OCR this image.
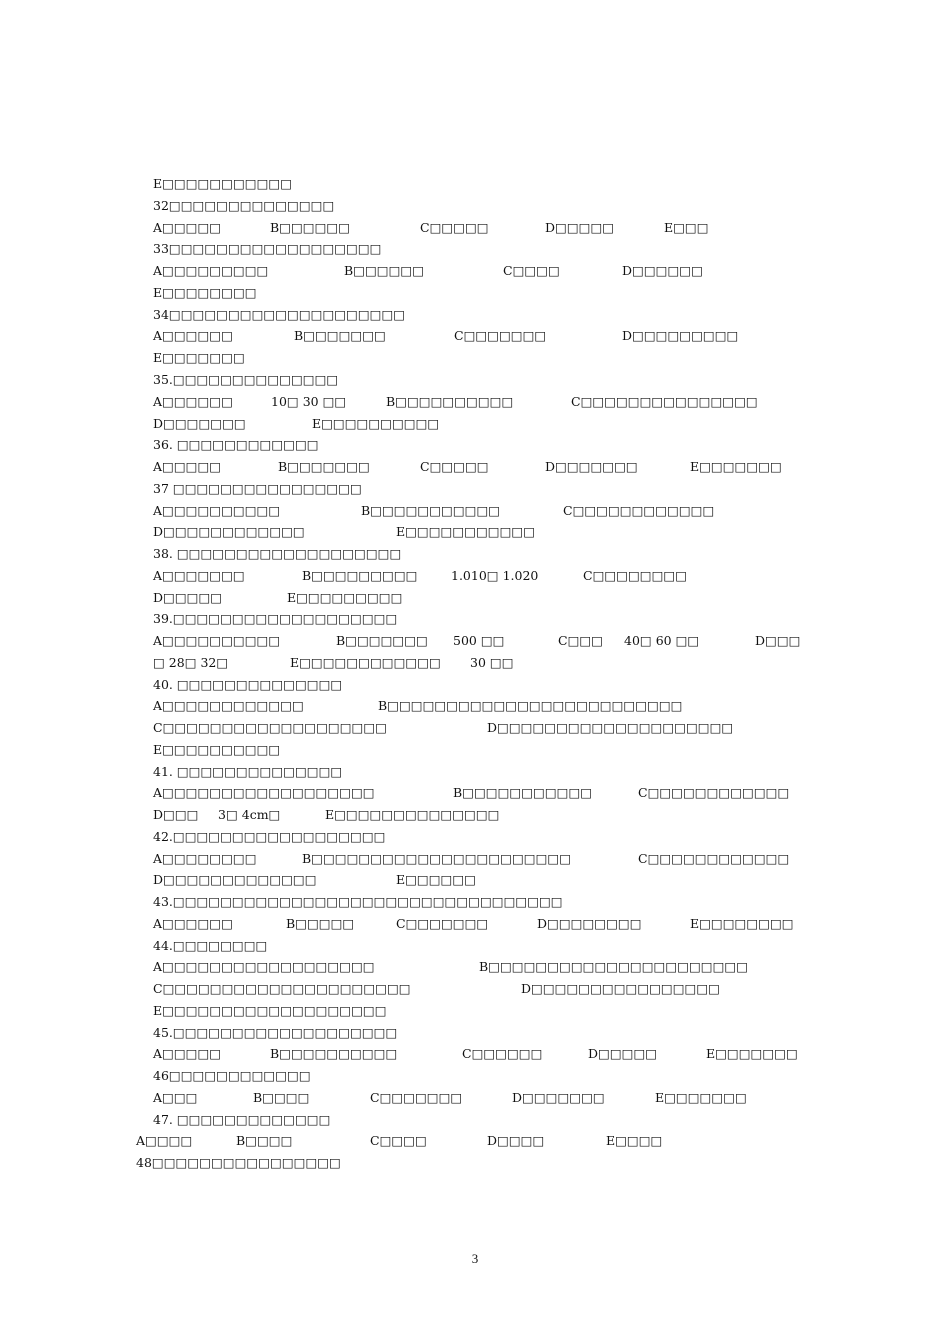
E□□□□□□□□□□□
32□□□□□□□□□□□□□□
A□□□□□	B□□□□□□	C□□□□□	D□□□□□	E□□□
33□□□□□□□□□□□□□□□□□□
A□□□□□□□□□	B□□□□□□	C□□□□	D□□□□□□
E□□□□□□□□
34□□□□□□□□□□□□□□□□□□□□
A□□□□□□	B□□□□□□□	C□□□□□□□	D□□□□□□□□□
E□□□□□□□
35.□□□□□□□□□□□□□□
A□□□□□□	10□ 30 □□	B□□□□□□□□□□	C□□□□□□□□□□□□□□□
D□□□□□□□	E□□□□□□□□□□
36. □□□□□□□□□□□□
A□□□□□	B□□□□□□□	C□□□□□	D□□□□□□□	E□□□□□□□
37 □□□□□□□□□□□□□□□□
A□□□□□□□□□□	B□□□□□□□□□□□	C□□□□□□□□□□□□
D□□□□□□□□□□□□	E□□□□□□□□□□□
38. □□□□□□□□□□□□□□□□□□□
A□□□□□□□	B□□□□□□□□□	1.010□ 1.020	C□□□□□□□□
D□□□□□	E□□□□□□□□□
39.□□□□□□□□□□□□□□□□□□□
A□□□□□□□□□□	B□□□□□□□ 500 □□	C□□□ 40□ 60 □□	D□□□
□ 28□ 32□	E□□□□□□□□□□□□ 30 □□
40. □□□□□□□□□□□□□□
A□□□□□□□□□□□□	B□□□□□□□□□□□□□□□□□□□□□□□□□
C□□□□□□□□□□□□□□□□□□□	D□□□□□□□□□□□□□□□□□□□□
E□□□□□□□□□□
41. □□□□□□□□□□□□□□
A□□□□□□□□□□□□□□□□□□	B□□□□□□□□□□□	C□□□□□□□□□□□□
D□□□ 3□ 4cm□	E□□□□□□□□□□□□□□
42.□□□□□□□□□□□□□□□□□□
A□□□□□□□□	B□□□□□□□□□□□□□□□□□□□□□□	C□□□□□□□□□□□□
D□□□□□□□□□□□□□	E□□□□□□
43.□□□□□□□□□□□□□□□□□□□□□□□□□□□□□□□□□
A□□□□□□	B□□□□□	C□□□□□□□	D□□□□□□□□	E□□□□□□□□
44.□□□□□□□□
A□□□□□□□□□□□□□□□□□□	B□□□□□□□□□□□□□□□□□□□□□□
C□□□□□□□□□□□□□□□□□□□□□	D□□□□□□□□□□□□□□□□
E□□□□□□□□□□□□□□□□□□□
45.□□□□□□□□□□□□□□□□□□□
A□□□□□	B□□□□□□□□□□	C□□□□□□	D□□□□□	E□□□□□□□
46□□□□□□□□□□□□
A□□□	B□□□□	C□□□□□□□	D□□□□□□□	E□□□□□□□
47. □□□□□□□□□□□□□
A□□□□	B□□□□	C□□□□	D□□□□	E□□□□
48□□□□□□□□□□□□□□□□
3
